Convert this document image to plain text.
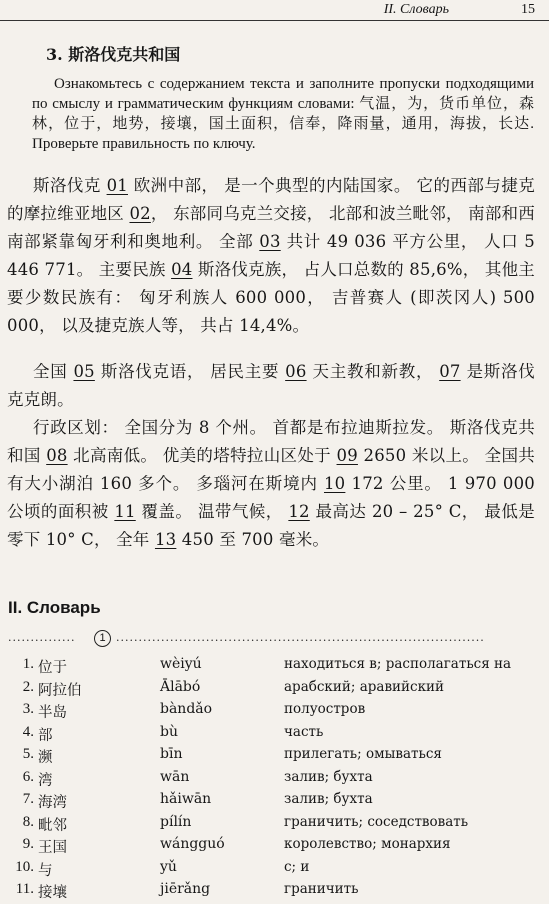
II. Словарь	15
3. 斯洛伐克共和国
Ознакомьтесь с содержанием текста и заполните пропуски подходящими по смыслу и грамматическим функциям словами: 气温，为，货币单位，森林，位于，地势，接壤，国土面积，信奉，降雨量，通用，海拔，长达. Проверьте правильность по ключу.
斯洛伐克 01 欧洲中部， 是一个典型的内陆国家。 它的西部与捷克的摩拉维亚地区 02， 东部同乌克兰交接， 北部和波兰毗邻， 南部和西南部紧靠匈牙利和奥地利。 全部 03 共计 49 036 平方公里， 人口 5 446 771。 主要民族 04 斯洛伐克族， 占人口总数的 85,6%， 其他主要少数民族有： 匈牙利族人 600 000， 吉普赛人 (即茨冈人) 500 000， 以及捷克族人等， 共占 14,4%。
全国 05 斯洛伐克语， 居民主要 06 天主教和新教， 07 是斯洛伐克克朗。
行政区划： 全国分为 8 个州。 首都是布拉迪斯拉发。 斯洛伐克共和国 08 北高南低。 优美的塔特拉山区处于 09 2650 米以上。 全国共有大小湖泊 160 多个。 多瑙河在斯境内 10 172 公里。 1 970 000 公顷的面积被 11 覆盖。 温带气候， 12 最高达 20 – 25° C， 最低是零下 10° C， 全年 13 450 至 700 毫米。
II. Словарь
...............	1 ..................................................................................
1. 位于	wèiyú	находиться в; располагаться на
2. 阿拉伯	Ālābó	арабский; аравийский
3. 半岛	bàndǎo	полуостров
4. 部	bù	часть
5. 濒	bīn	прилегать; омываться
6. 湾	wān	залив; бухта
7. 海湾	hǎiwān	залив; бухта
8. 毗邻	pílín	граничить; соседствовать
9. 王国	wángguó	королевство; монархия
10. 与	yǔ	с; и
11. 接壤	jiērǎng	граничить
